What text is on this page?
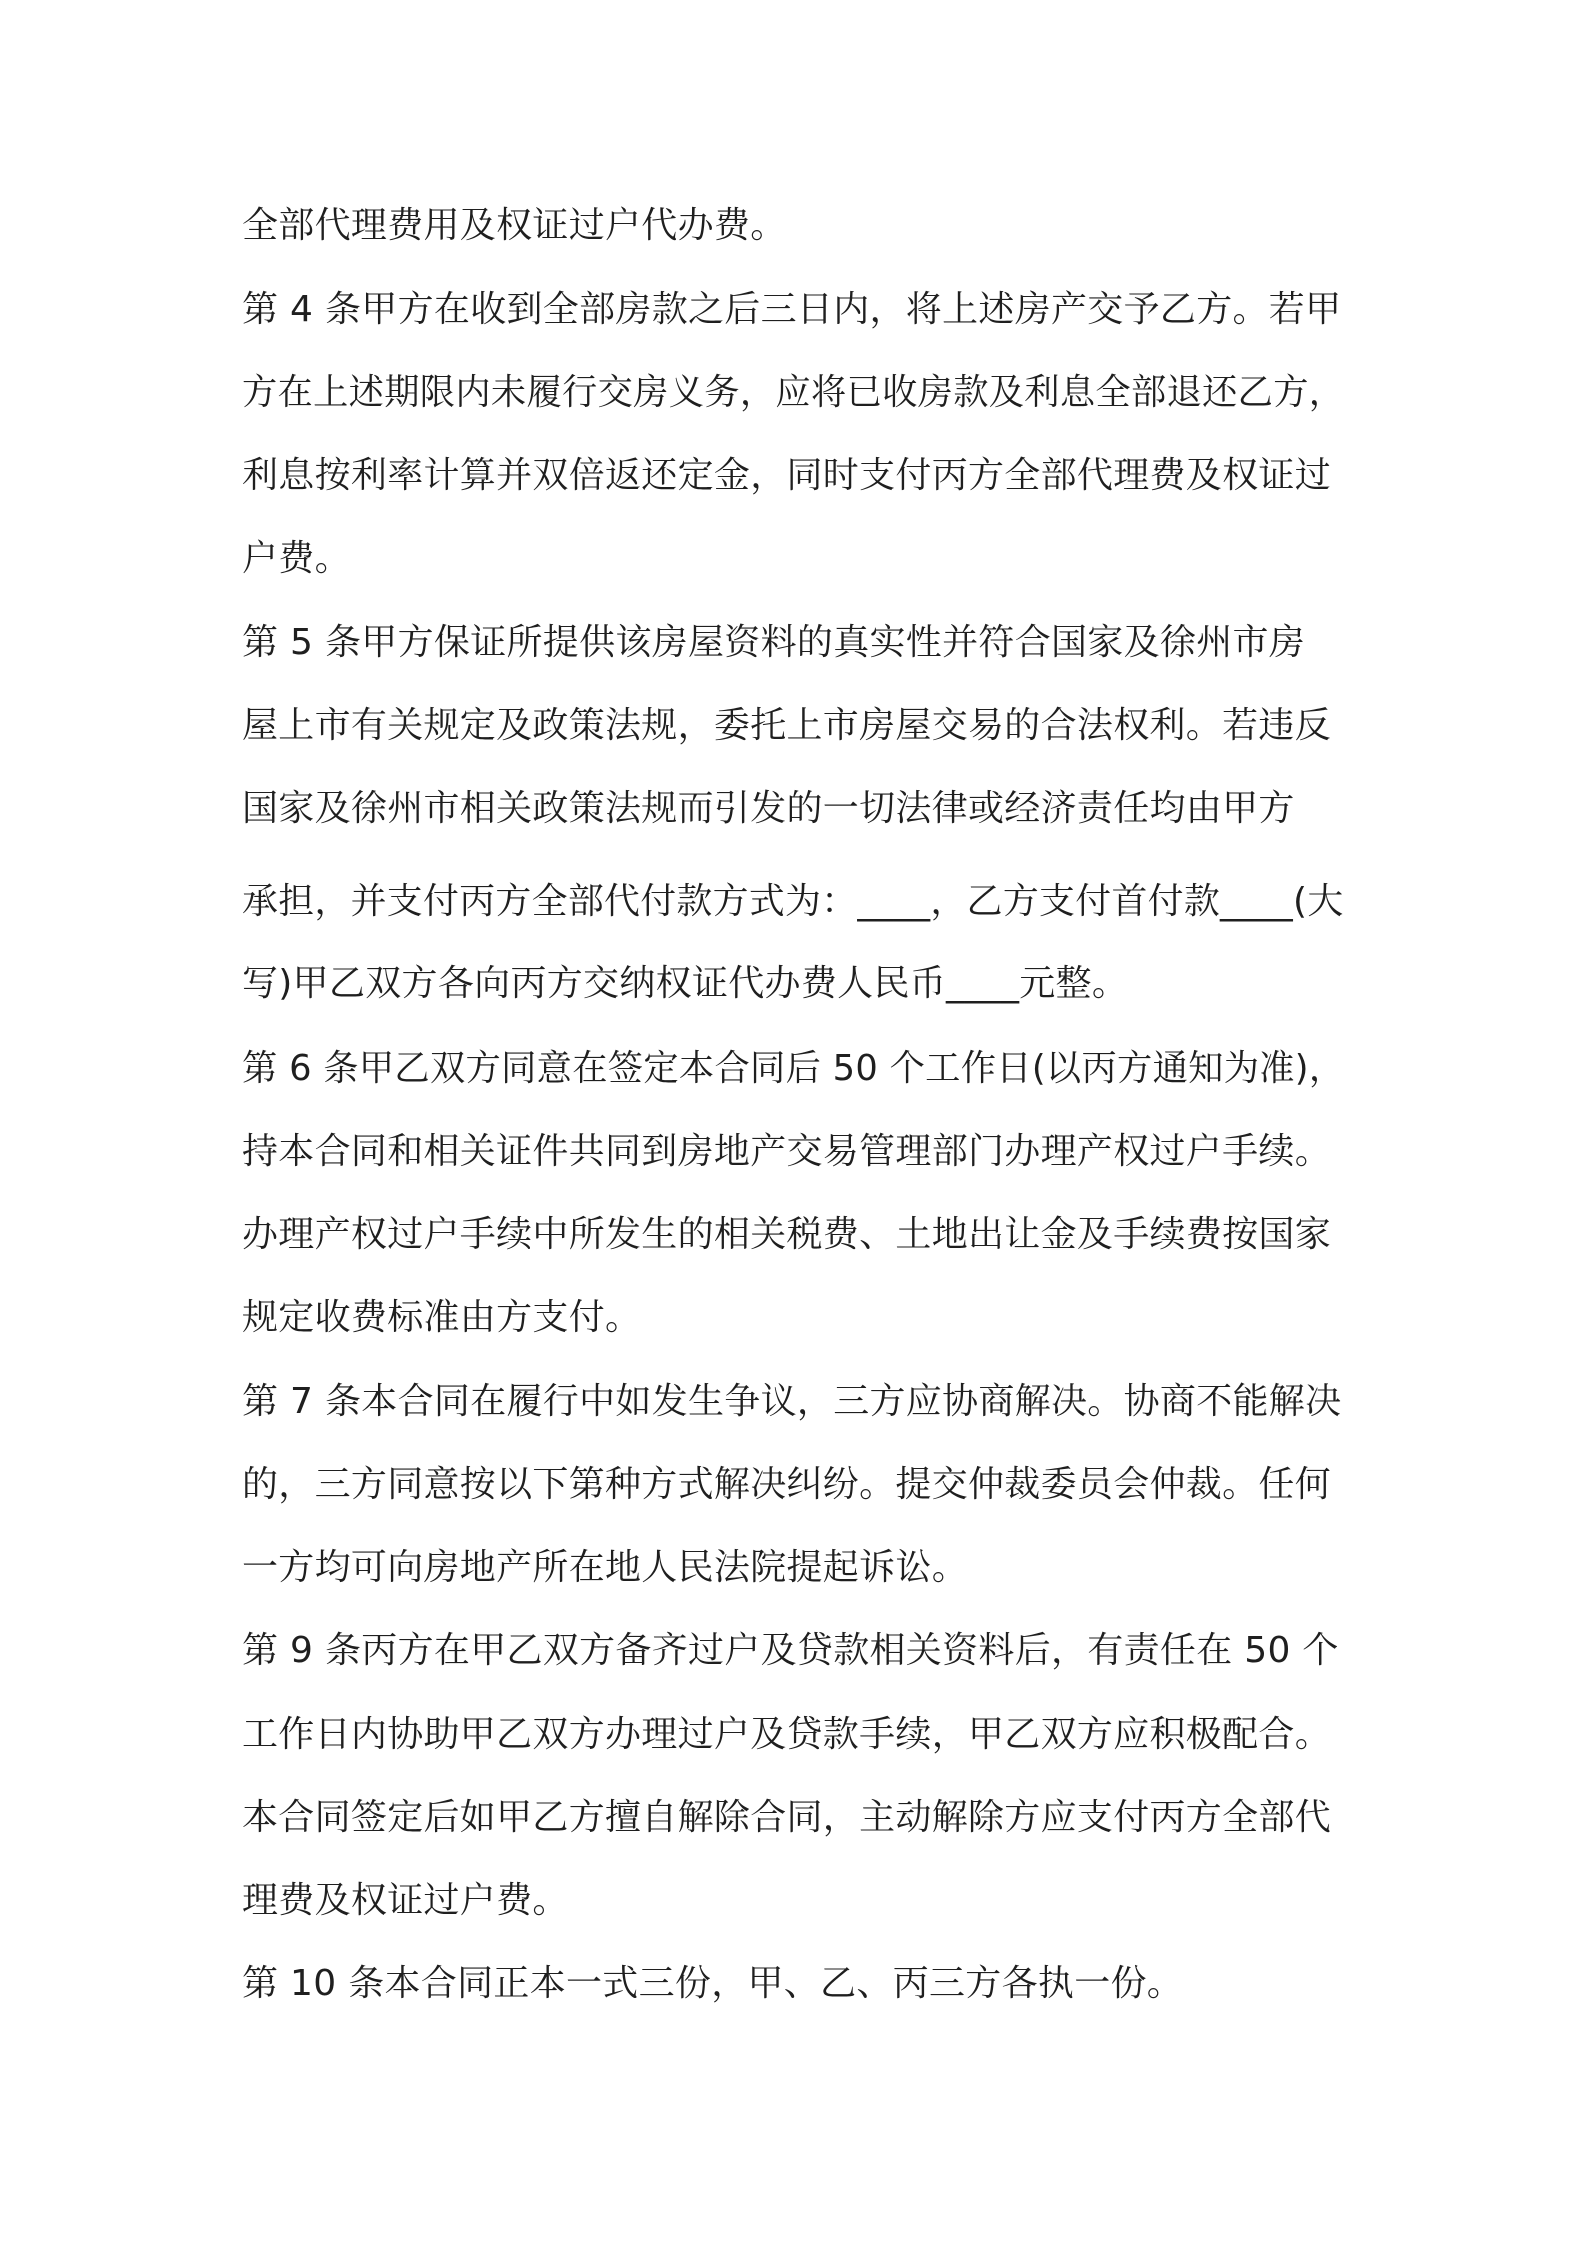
全部代理费用及权证过户代办费。
第 4 条甲方在收到全部房款之后三日内，将上述房产交予乙方。若甲
方在上述期限内未履行交房义务，应将已收房款及利息全部退还乙方，
利息按利率计算并双倍返还定金，同时支付丙方全部代理费及权证过
户费。
第 5 条甲方保证所提供该房屋资料的真实性并符合国家及徐州市房
屋上市有关规定及政策法规，委托上市房屋交易的合法权利。若违反
国家及徐州市相关政策法规而引发的一切法律或经济责任均由甲方
承担，并支付丙方全部代付款方式为：____，乙方支付首付款____(大
写)甲乙双方各向丙方交纳权证代办费人民币____元整。
第 6 条甲乙双方同意在签定本合同后 50 个工作日(以丙方通知为准)，
持本合同和相关证件共同到房地产交易管理部门办理产权过户手续。
办理产权过户手续中所发生的相关税费、土地出让金及手续费按国家
规定收费标准由方支付。
第 7 条本合同在履行中如发生争议，三方应协商解决。协商不能解决
的，三方同意按以下第种方式解决纠纷。提交仲裁委员会仲裁。任何
一方均可向房地产所在地人民法院提起诉讼。
第 9 条丙方在甲乙双方备齐过户及贷款相关资料后，有责任在 50 个
工作日内协助甲乙双方办理过户及贷款手续，甲乙双方应积极配合。
本合同签定后如甲乙方擅自解除合同，主动解除方应支付丙方全部代
理费及权证过户费。
第 10 条本合同正本一式三份，甲、乙、丙三方各执一份。
